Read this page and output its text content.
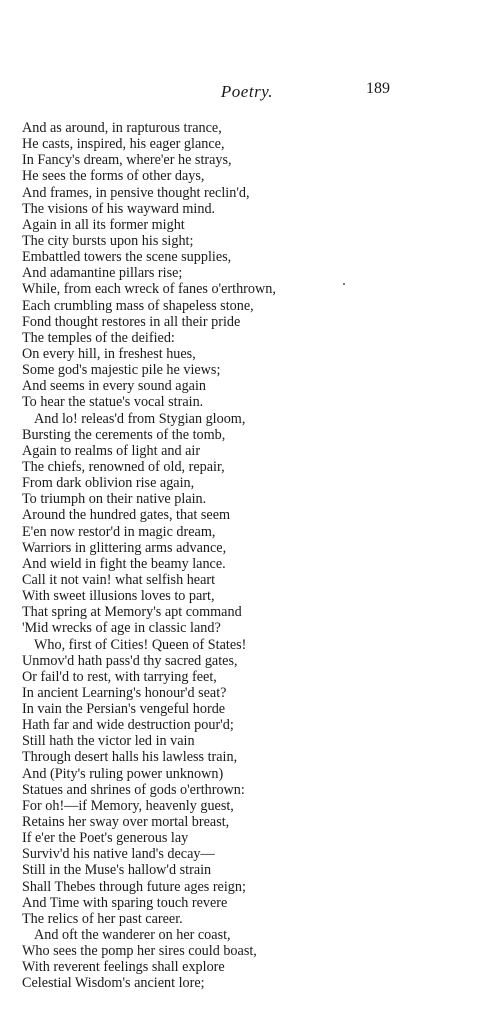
Poetry.	189
And as around, in rapturous trance,
He casts, inspired, his eager glance,
In Fancy's dream, where'er he strays,
He sees the forms of other days,
And frames, in pensive thought reclin'd,
The visions of his wayward mind.
Again in all its former might
The city bursts upon his sight;
Embattled towers the scene supplies,
And adamantine pillars rise;
While, from each wreck of fanes o'erthrown,
Each crumbling mass of shapeless stone,
Fond thought restores in all their pride
The temples of the deified:
On every hill, in freshest hues,
Some god's majestic pile he views;
And seems in every sound again
To hear the statue's vocal strain.
And lo! releas'd from Stygian gloom,
Bursting the cerements of the tomb,
Again to realms of light and air
The chiefs, renowned of old, repair,
From dark oblivion rise again,
To triumph on their native plain.
Around the hundred gates, that seem
E'en now restor'd in magic dream,
Warriors in glittering arms advance,
And wield in fight the beamy lance.
Call it not vain! what selfish heart
With sweet illusions loves to part,
That spring at Memory's apt command
'Mid wrecks of age in classic land?
Who, first of Cities! Queen of States!
Unmov'd hath pass'd thy sacred gates,
Or fail'd to rest, with tarrying feet,
In ancient Learning's honour'd seat?
In vain the Persian's vengeful horde
Hath far and wide destruction pour'd;
Still hath the victor led in vain
Through desert halls his lawless train,
And (Pity's ruling power unknown)
Statues and shrines of gods o'erthrown:
For oh!—if Memory, heavenly guest,
Retains her sway over mortal breast,
If e'er the Poet's generous lay
Surviv'd his native land's decay—
Still in the Muse's hallow'd strain
Shall Thebes through future ages reign;
And Time with sparing touch revere
The relics of her past career.
And oft the wanderer on her coast,
Who sees the pomp her sires could boast,
With reverent feelings shall explore
Celestial Wisdom's ancient lore;
